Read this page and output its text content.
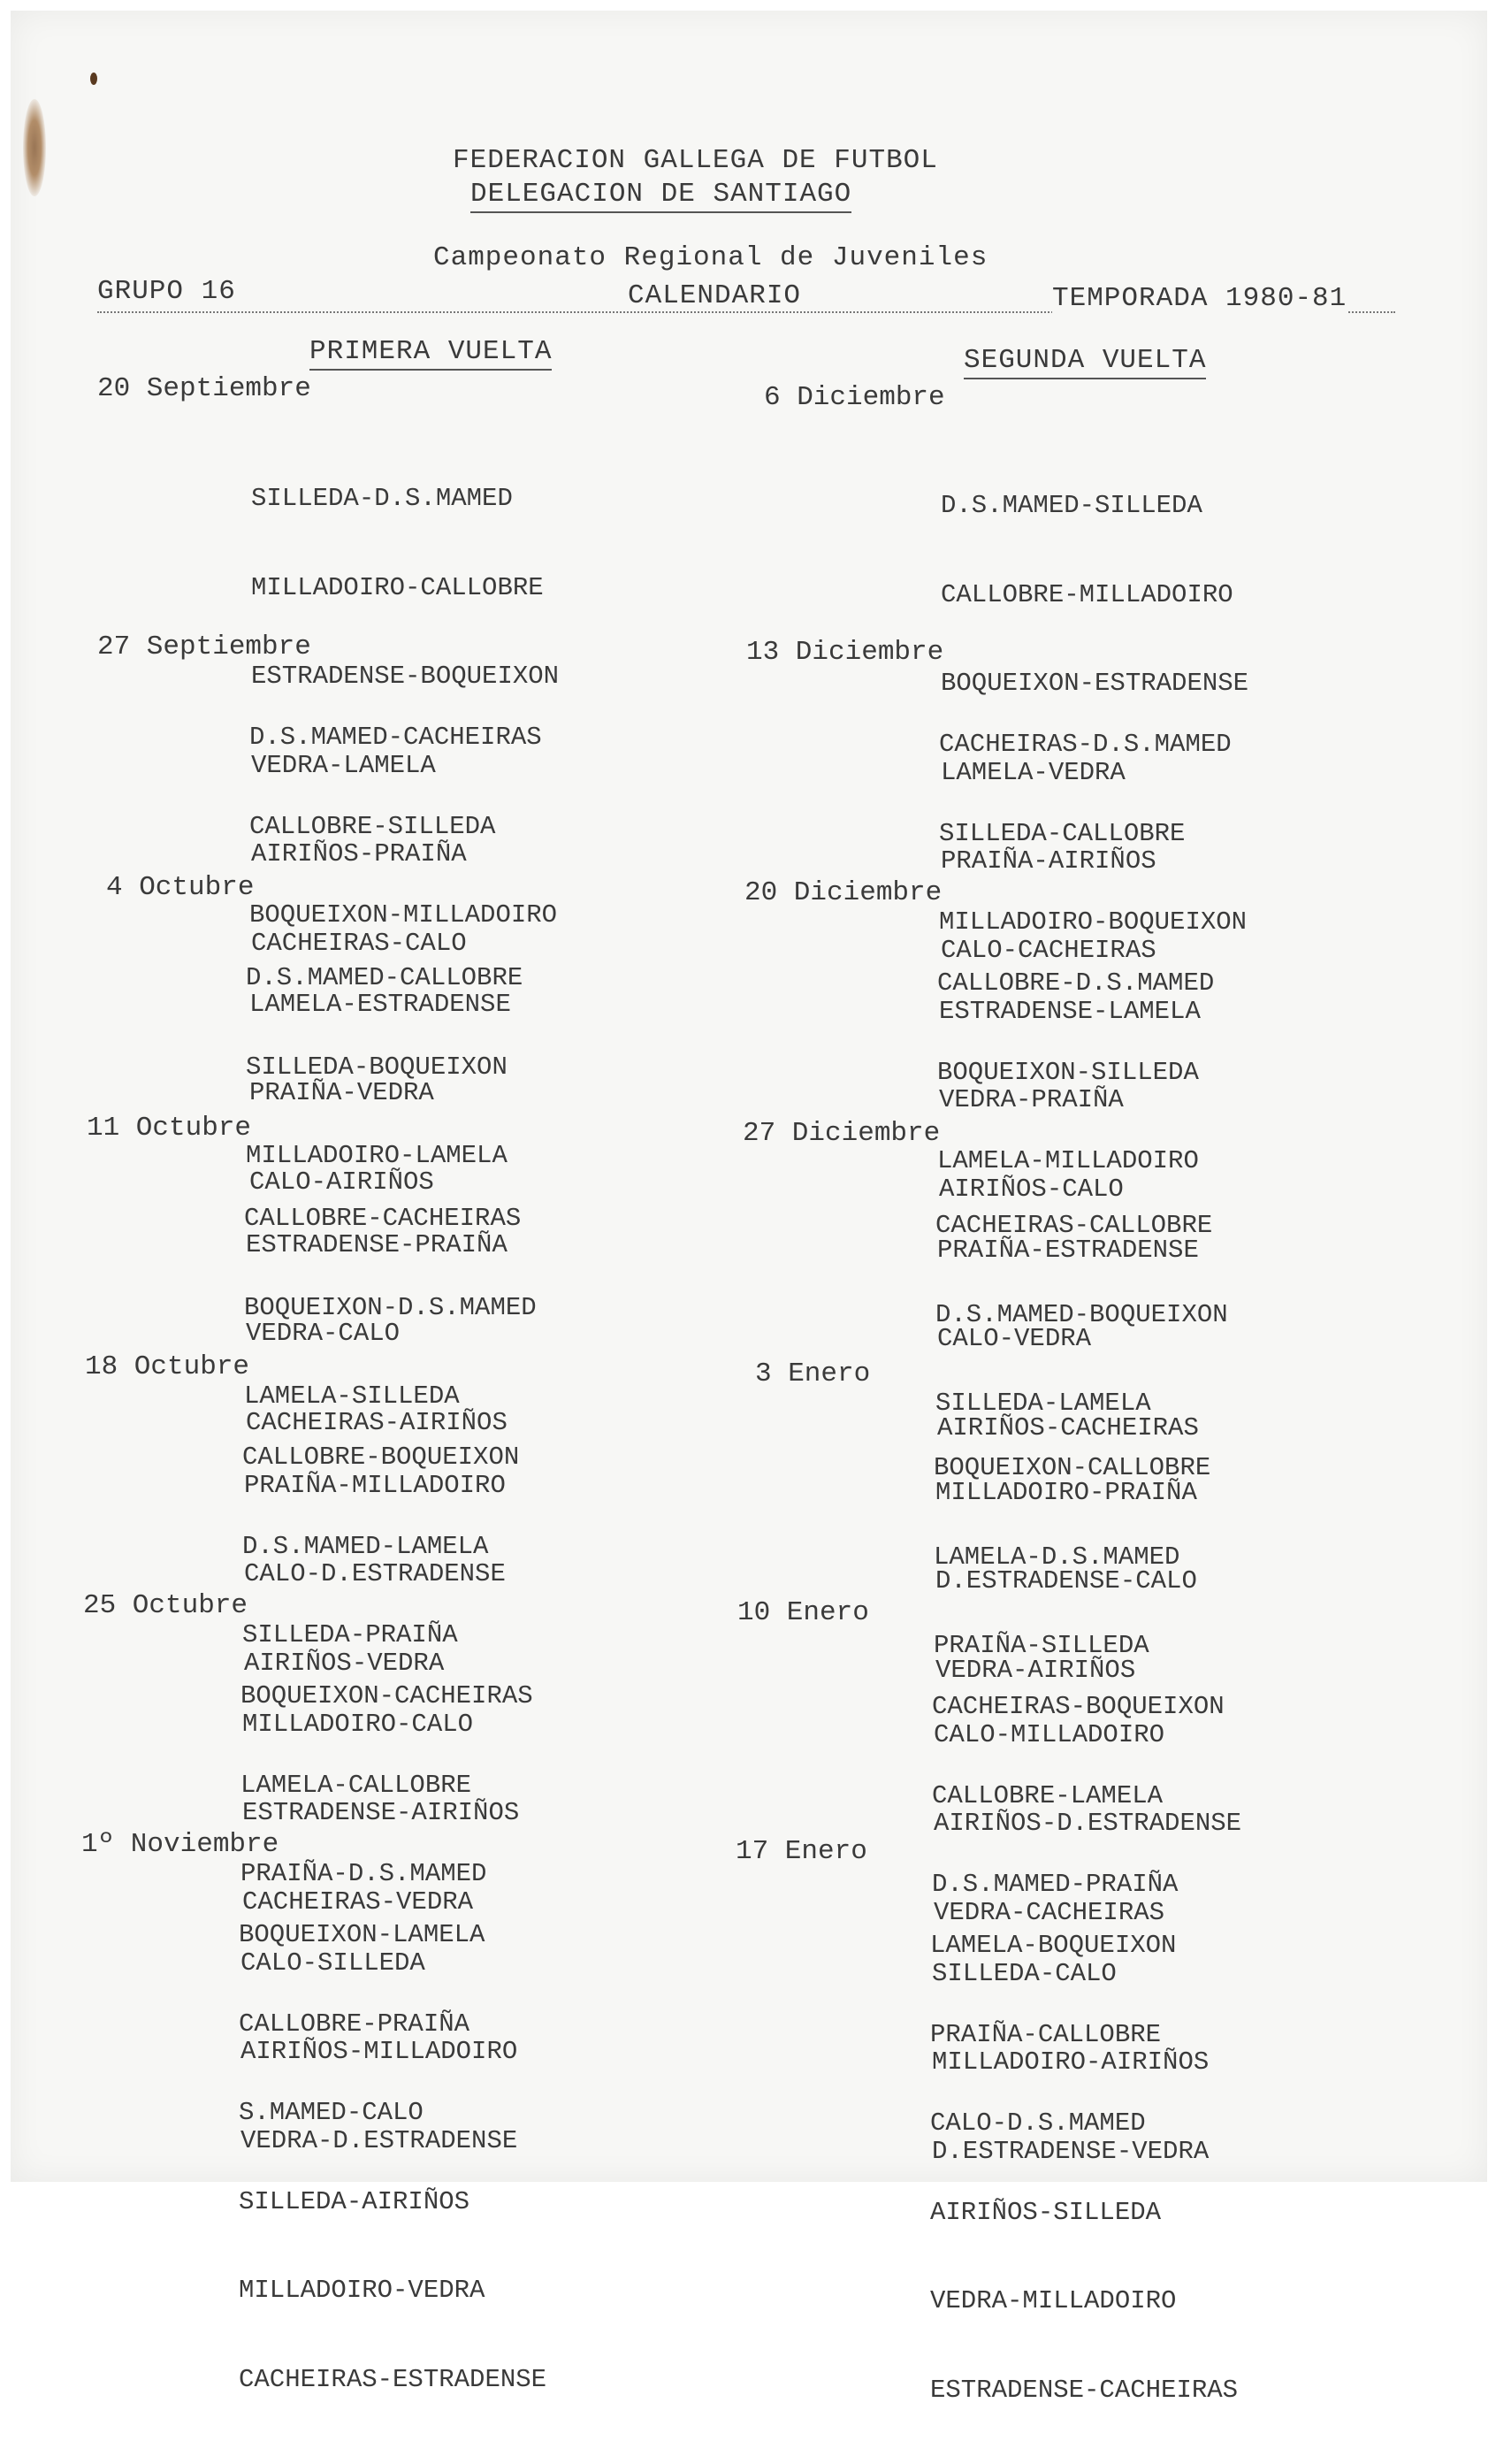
FEDERACION GALLEGA DE FUTBOL
DELEGACION DE SANTIAGO
Campeonato Regional de Juveniles
GRUPO 16	CALENDARIO	TEMPORADA 1980-81
PRIMERA VUELTA	SEGUNDA VUELTA
20 Septiembre

SILLEDA-D.S.MAMED

MILLADOIRO-CALLOBRE

ESTRADENSE-BOQUEIXON

VEDRA-LAMELA

AIRIÑOS-PRAIÑA

CACHEIRAS-CALO

27 Septiembre

D.S.MAMED-CACHEIRAS

CALLOBRE-SILLEDA

BOQUEIXON-MILLADOIRO

LAMELA-ESTRADENSE

PRAIÑA-VEDRA

CALO-AIRIÑOS

4 Octubre

D.S.MAMED-CALLOBRE

SILLEDA-BOQUEIXON

MILLADOIRO-LAMELA

ESTRADENSE-PRAIÑA

VEDRA-CALO

CACHEIRAS-AIRIÑOS

11 Octubre

CALLOBRE-CACHEIRAS

BOQUEIXON-D.S.MAMED

LAMELA-SILLEDA

PRAIÑA-MILLADOIRO

CALO-D.ESTRADENSE

AIRIÑOS-VEDRA

18 Octubre

CALLOBRE-BOQUEIXON

D.S.MAMED-LAMELA

SILLEDA-PRAIÑA

MILLADOIRO-CALO

ESTRADENSE-AIRIÑOS

CACHEIRAS-VEDRA

25 Octubre

BOQUEIXON-CACHEIRAS

LAMELA-CALLOBRE

PRAIÑA-D.S.MAMED

CALO-SILLEDA

AIRIÑOS-MILLADOIRO

VEDRA-D.ESTRADENSE

1º Noviembre

BOQUEIXON-LAMELA

CALLOBRE-PRAIÑA

S.MAMED-CALO

SILLEDA-AIRIÑOS

MILLADOIRO-VEDRA

CACHEIRAS-ESTRADENSE

6 Diciembre

D.S.MAMED-SILLEDA

CALLOBRE-MILLADOIRO

BOQUEIXON-ESTRADENSE

LAMELA-VEDRA

PRAIÑA-AIRIÑOS

CALO-CACHEIRAS

13 Diciembre

CACHEIRAS-D.S.MAMED

SILLEDA-CALLOBRE

MILLADOIRO-BOQUEIXON

ESTRADENSE-LAMELA

VEDRA-PRAIÑA

AIRIÑOS-CALO

20 Diciembre

CALLOBRE-D.S.MAMED

BOQUEIXON-SILLEDA

LAMELA-MILLADOIRO

PRAIÑA-ESTRADENSE

CALO-VEDRA

AIRIÑOS-CACHEIRAS

27 Diciembre

CACHEIRAS-CALLOBRE

D.S.MAMED-BOQUEIXON

SILLEDA-LAMELA

MILLADOIRO-PRAIÑA

D.ESTRADENSE-CALO

VEDRA-AIRIÑOS

3 Enero

BOQUEIXON-CALLOBRE

LAMELA-D.S.MAMED

PRAIÑA-SILLEDA

CALO-MILLADOIRO

AIRIÑOS-D.ESTRADENSE

VEDRA-CACHEIRAS

10 Enero

CACHEIRAS-BOQUEIXON

CALLOBRE-LAMELA

D.S.MAMED-PRAIÑA

SILLEDA-CALO

MILLADOIRO-AIRIÑOS

D.ESTRADENSE-VEDRA

17 Enero

LAMELA-BOQUEIXON

PRAIÑA-CALLOBRE

CALO-D.S.MAMED

AIRIÑOS-SILLEDA

VEDRA-MILLADOIRO

ESTRADENSE-CACHEIRAS
